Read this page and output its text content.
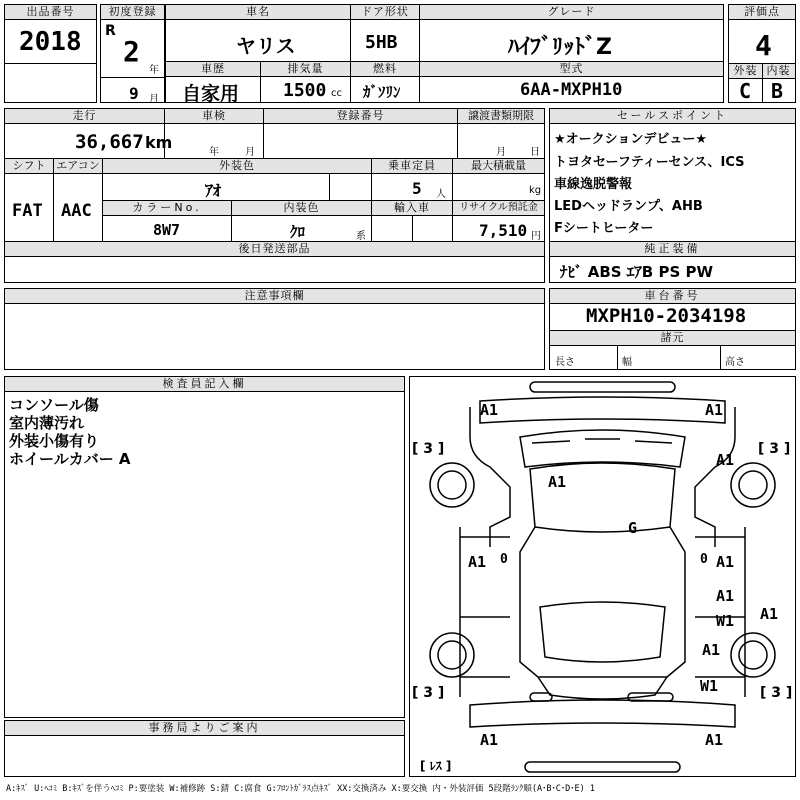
出品番号
2018
初度登録
R
2
年
9 月
車名
ヤリス
車歴
自家用
排気量
1500 cc
ドア形状
5HB
燃料
ｶﾞｿﾘﾝ
グレード
ﾊｲﾌﾞﾘｯﾄﾞZ
型式
6AA-MXPH10
評価点
4
外装 内装
C B
走行
36,667 km
車検
年	月
登録番号	譲渡書類期限
月 日
シフト
FAT
エアコン
AAC
外装色
ｱｵ
乗車定員
5 人
最大積載量
kg
カラーNo.
8W7
内装色
ｸﾛ	系
輸入車	リサイクル預託金
7,510 円
後日発送部品
注意事項欄
セールスポイント
★オークションデビュー★
トヨタセーフティーセンス、ICS
車線逸脱警報
LEDヘッドランプ、AHB
Fシートヒーター
純正装備
ﾅﾋﾞ ABS ｴｱB PS PW
車台番号
MXPH10-2034198
諸元
長さ	幅	高さ
検査員記入欄
コンソール傷
室内薄汚れ
外装小傷有り
ホイールカバー A
事務局よりご案内
A1	A1
[ 3 ]	[ 3 ]
A1
A1
G
A1 0	A1
0
A1
W1 A1
A1
W1
[ 3 ]	[ 3 ]
A1	A1
[ ﾚｽ ]
A:ｷｽﾞ U:ﾍｺﾐ B:ｷｽﾞを伴うﾍｺﾐ P:要塗装 W:補修跡 S:錆 C:腐食 G:ﾌﾛﾝﾄｶﾞﾗｽ点ｷｽﾞ XX:交換済み X:要交換 内・外装評価 5段階ﾗﾝｸ順(A･B･C･D･E) 1
